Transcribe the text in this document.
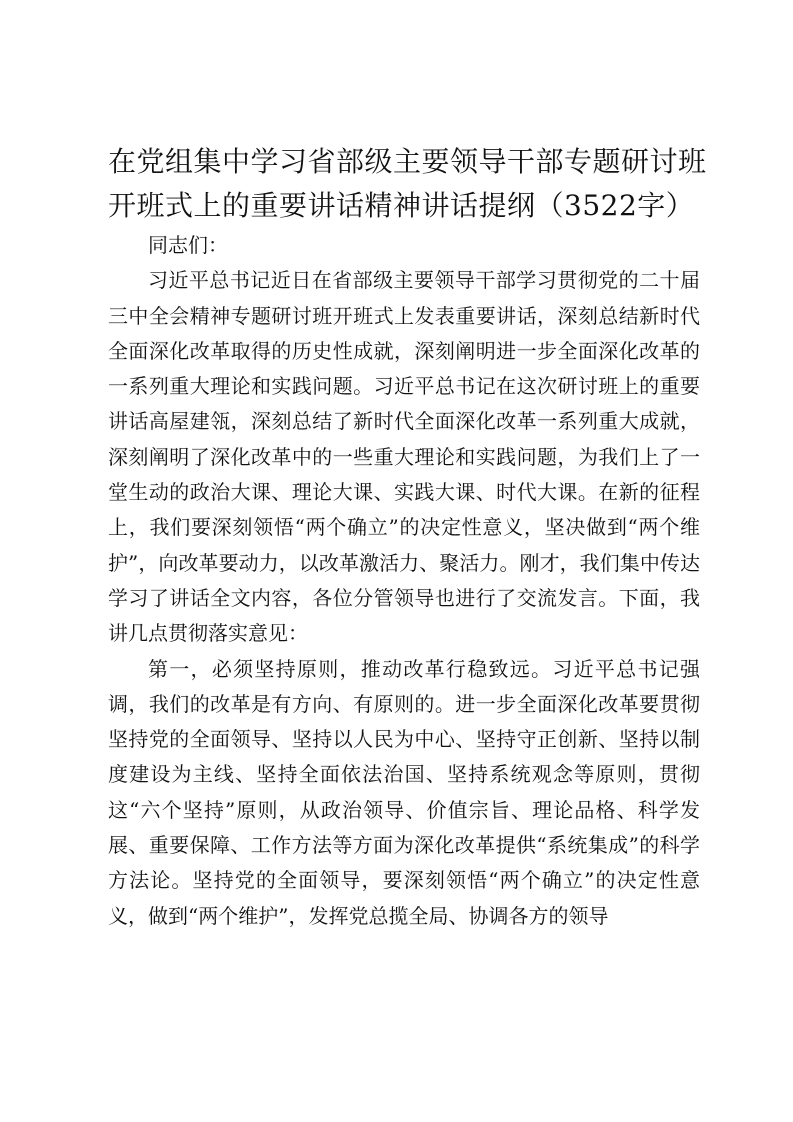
在党组集中学习省部级主要领导干部专题研讨班开班式上的重要讲话精神讲话提纲（3522字）

同志们：

习近平总书记近日在省部级主要领导干部学习贯彻党的二十届三中全会精神专题研讨班开班式上发表重要讲话，深刻总结新时代全面深化改革取得的历史性成就，深刻阐明进一步全面深化改革的一系列重大理论和实践问题。习近平总书记在这次研讨班上的重要讲话高屋建瓴，深刻总结了新时代全面深化改革一系列重大成就，深刻阐明了深化改革中的一些重大理论和实践问题，为我们上了一堂生动的政治大课、理论大课、实践大课、时代大课。在新的征程上，我们要深刻领悟“两个确立”的决定性意义，坚决做到“两个维护”，向改革要动力，以改革激活力、聚活力。刚才，我们集中传达学习了讲话全文内容，各位分管领导也进行了交流发言。下面，我讲几点贯彻落实意见：

第一，必须坚持原则，推动改革行稳致远。习近平总书记强调，我们的改革是有方向、有原则的。进一步全面深化改革要贯彻坚持党的全面领导、坚持以人民为中心、坚持守正创新、坚持以制度建设为主线、坚持全面依法治国、坚持系统观念等原则，贯彻这“六个坚持”原则，从政治领导、价值宗旨、理论品格、科学发展、重要保障、工作方法等方面为深化改革提供“系统集成”的科学方法论。坚持党的全面领导，要深刻领悟“两个确立”的决定性意义，做到“两个维护”，发挥党总揽全局、协调各方的领导
